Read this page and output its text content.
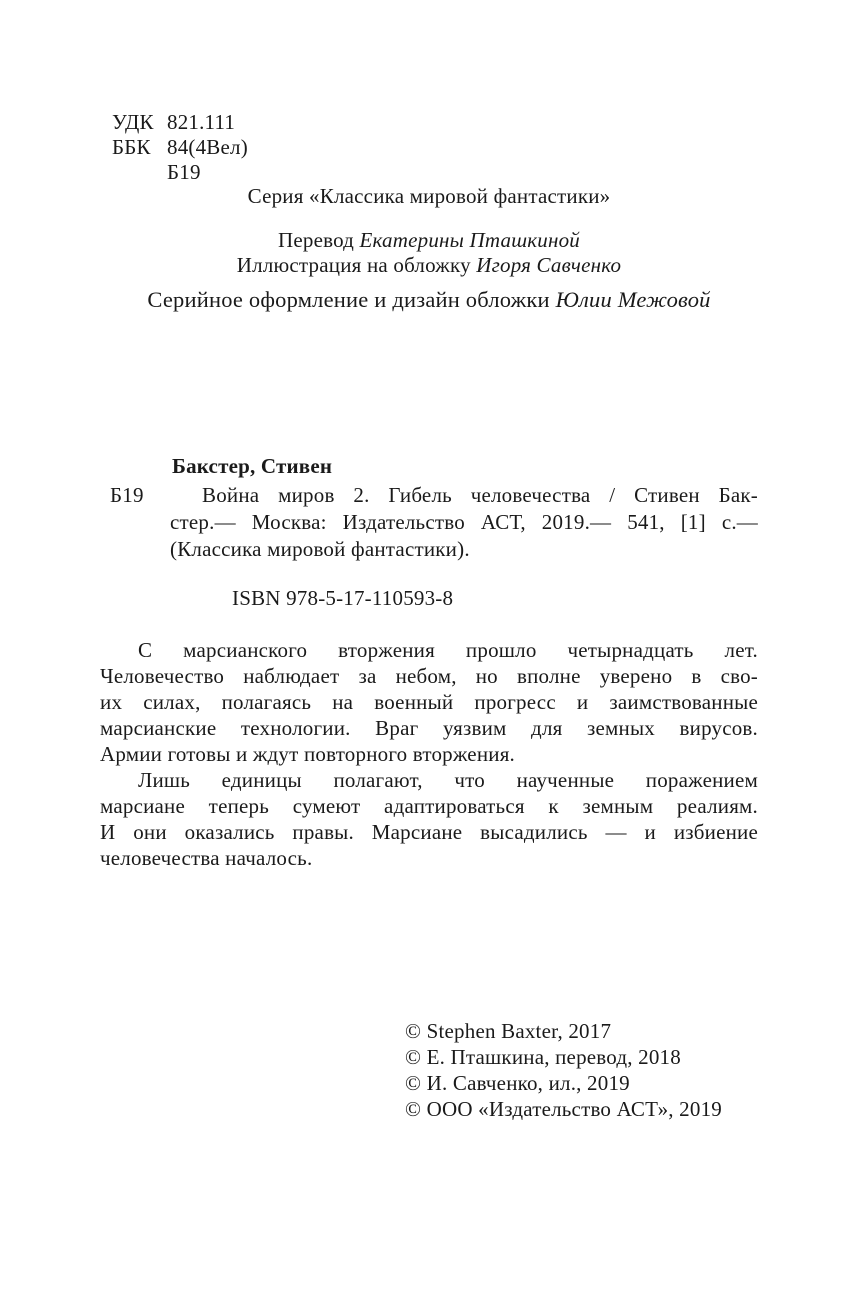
УДК 821.111
ББК 84(4Вел)
Б19
Серия «Классика мировой фантастики»
Перевод Екатерины Пташкиной
Иллюстрация на обложку Игоря Савченко
Серийное оформление и дизайн обложки Юлии Межовой
Бакстер, Стивен
Б19	Война миров 2. Гибель человечества / Стивен Бак-
стер.— Москва: Издательство АСТ, 2019.— 541, [1] с.—
(Классика мировой фантастики).
ISBN 978-5-17-110593-8
С марсианского вторжения прошло четырнадцать лет.
Человечество наблюдает за небом, но вполне уверено в сво-
их силах, полагаясь на военный прогресс и заимствованные
марсианские технологии. Враг уязвим для земных вирусов.
Армии готовы и ждут повторного вторжения.
Лишь единицы полагают, что наученные поражением
марсиане теперь сумеют адаптироваться к земным реалиям.
И они оказались правы. Марсиане высадились — и избиение
человечества началось.
© Stephen Baxter, 2017
© Е. Пташкина, перевод, 2018
© И. Савченко, ил., 2019
© ООО «Издательство АСТ», 2019
